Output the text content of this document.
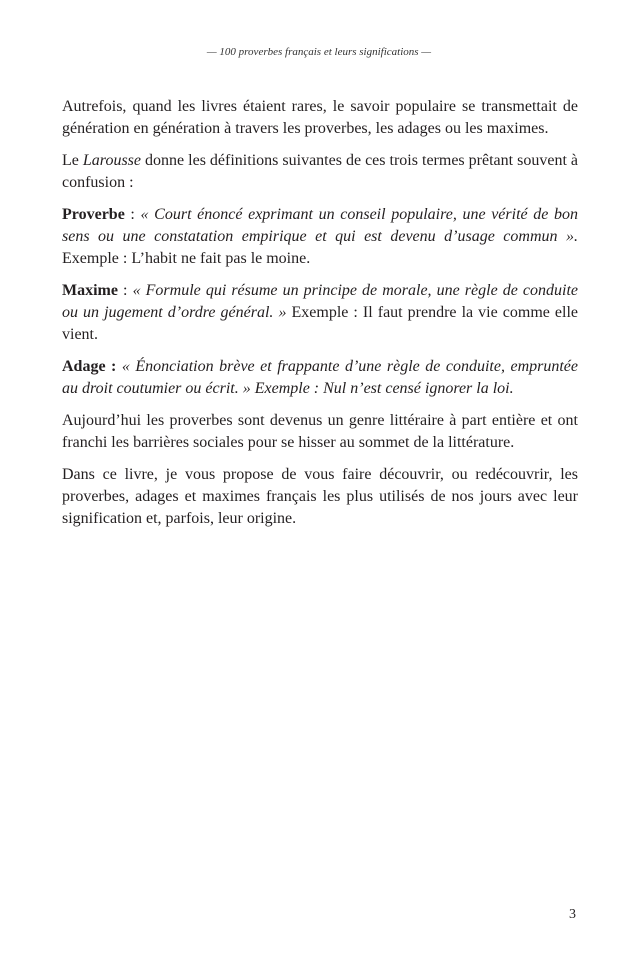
— 100 proverbes français et leurs significations —

Autrefois, quand les livres étaient rares, le savoir populaire se transmettait de génération en génération à travers les proverbes, les adages ou les maximes.

Le Larousse donne les définitions suivantes de ces trois termes prêtant souvent à confusion :

Proverbe : « Court énoncé exprimant un conseil populaire, une vérité de bon sens ou une constatation empirique et qui est devenu d’usage commun ». Exemple : L’habit ne fait pas le moine.

Maxime : « Formule qui résume un principe de morale, une règle de conduite ou un jugement d’ordre général. » Exemple : Il faut prendre la vie comme elle vient.

Adage : « Énonciation brève et frappante d’une règle de conduite, empruntée au droit coutumier ou écrit. » Exemple : Nul n’est censé ignorer la loi.

Aujourd’hui les proverbes sont devenus un genre littéraire à part entière et ont franchi les barrières sociales pour se hisser au sommet de la littérature.

Dans ce livre, je vous propose de vous faire découvrir, ou redécouvrir, les proverbes, adages et maximes français les plus utilisés de nos jours avec leur signification et, parfois, leur origine.

3
